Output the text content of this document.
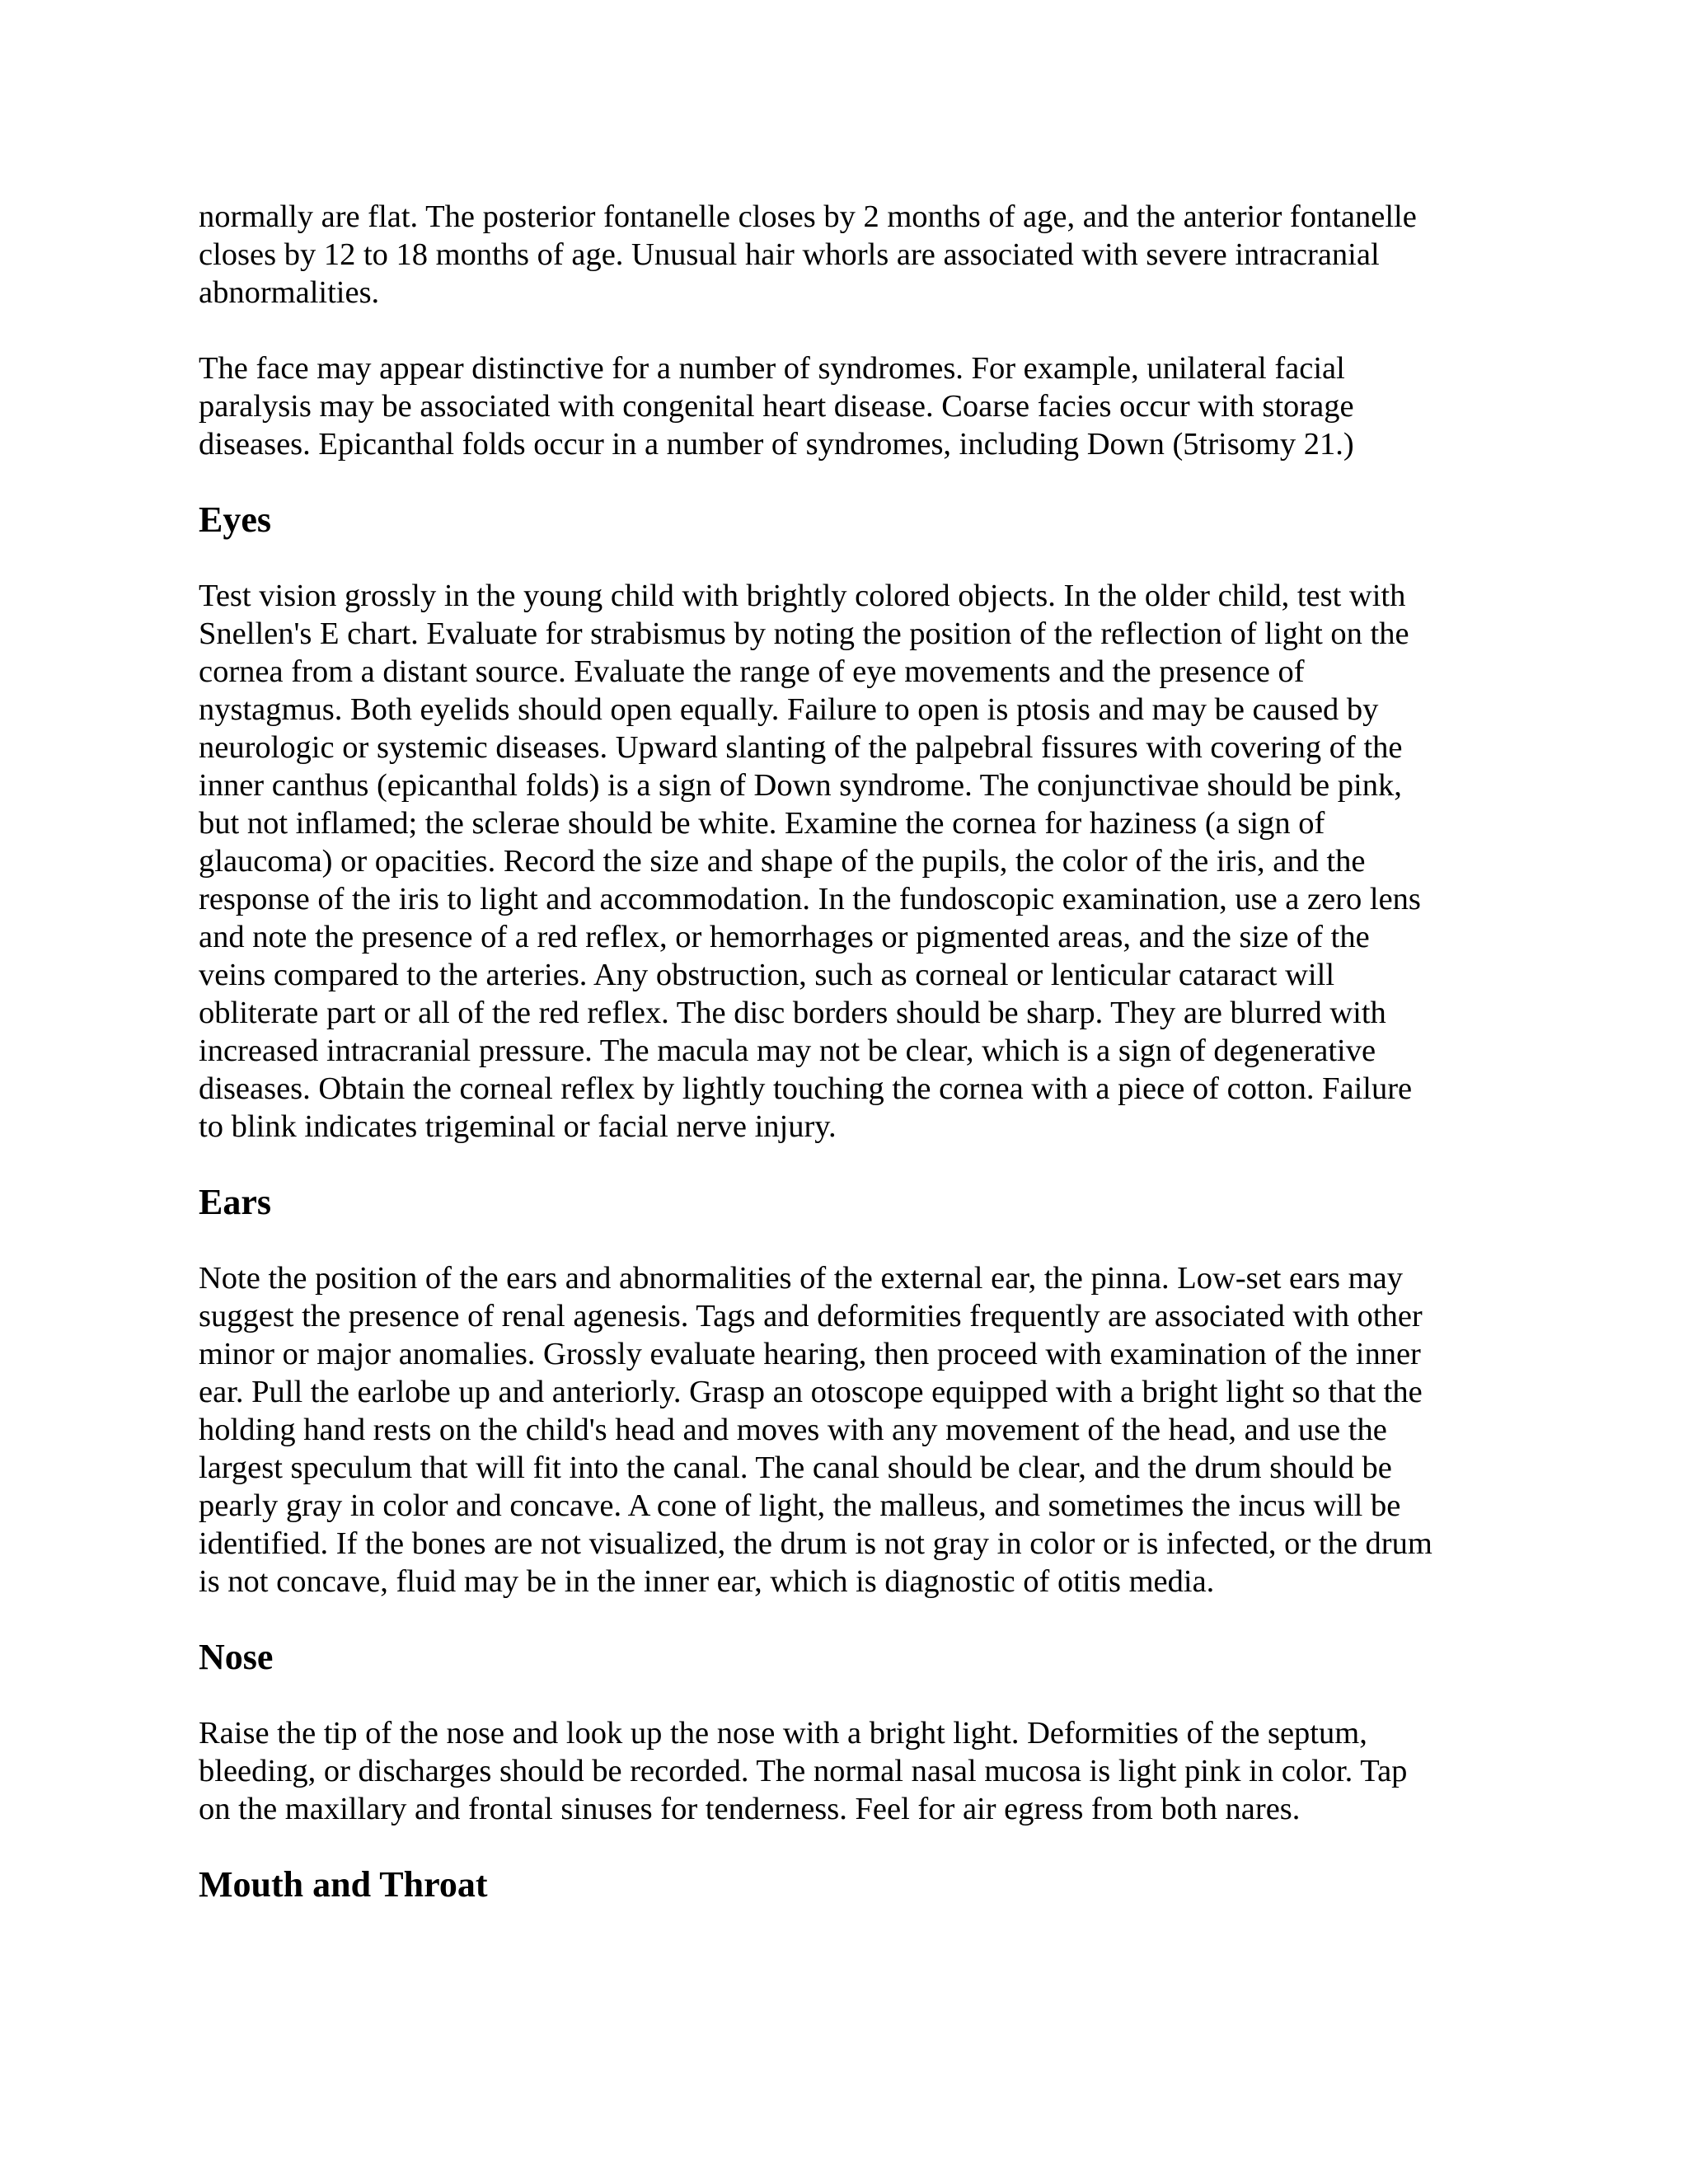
normally are flat. The posterior fontanelle closes by 2 months of age, and the anterior fontanelle
closes by 12 to 18 months of age. Unusual hair whorls are associated with severe intracranial
abnormalities.

The face may appear distinctive for a number of syndromes. For example, unilateral facial
paralysis may be associated with congenital heart disease. Coarse facies occur with storage
diseases. Epicanthal folds occur in a number of syndromes, including Down (5trisomy 21.)

Eyes

Test vision grossly in the young child with brightly colored objects. In the older child, test with
Snellen's E chart. Evaluate for strabismus by noting the position of the reflection of light on the
cornea from a distant source. Evaluate the range of eye movements and the presence of
nystagmus. Both eyelids should open equally. Failure to open is ptosis and may be caused by
neurologic or systemic diseases. Upward slanting of the palpebral fissures with covering of the
inner canthus (epicanthal folds) is a sign of Down syndrome. The conjunctivae should be pink,
but not inflamed; the sclerae should be white. Examine the cornea for haziness (a sign of
glaucoma) or opacities. Record the size and shape of the pupils, the color of the iris, and the
response of the iris to light and accommodation. In the fundoscopic examination, use a zero lens
and note the presence of a red reflex, or hemorrhages or pigmented areas, and the size of the
veins compared to the arteries. Any obstruction, such as corneal or lenticular cataract will
obliterate part or all of the red reflex. The disc borders should be sharp. They are blurred with
increased intracranial pressure. The macula may not be clear, which is a sign of degenerative
diseases. Obtain the corneal reflex by lightly touching the cornea with a piece of cotton. Failure
to blink indicates trigeminal or facial nerve injury.

Ears

Note the position of the ears and abnormalities of the external ear, the pinna. Low-set ears may
suggest the presence of renal agenesis. Tags and deformities frequently are associated with other
minor or major anomalies. Grossly evaluate hearing, then proceed with examination of the inner
ear. Pull the earlobe up and anteriorly. Grasp an otoscope equipped with a bright light so that the
holding hand rests on the child's head and moves with any movement of the head, and use the
largest speculum that will fit into the canal. The canal should be clear, and the drum should be
pearly gray in color and concave. A cone of light, the malleus, and sometimes the incus will be
identified. If the bones are not visualized, the drum is not gray in color or is infected, or the drum
is not concave, fluid may be in the inner ear, which is diagnostic of otitis media.

Nose

Raise the tip of the nose and look up the nose with a bright light. Deformities of the septum,
bleeding, or discharges should be recorded. The normal nasal mucosa is light pink in color. Tap
on the maxillary and frontal sinuses for tenderness. Feel for air egress from both nares.

Mouth and Throat
